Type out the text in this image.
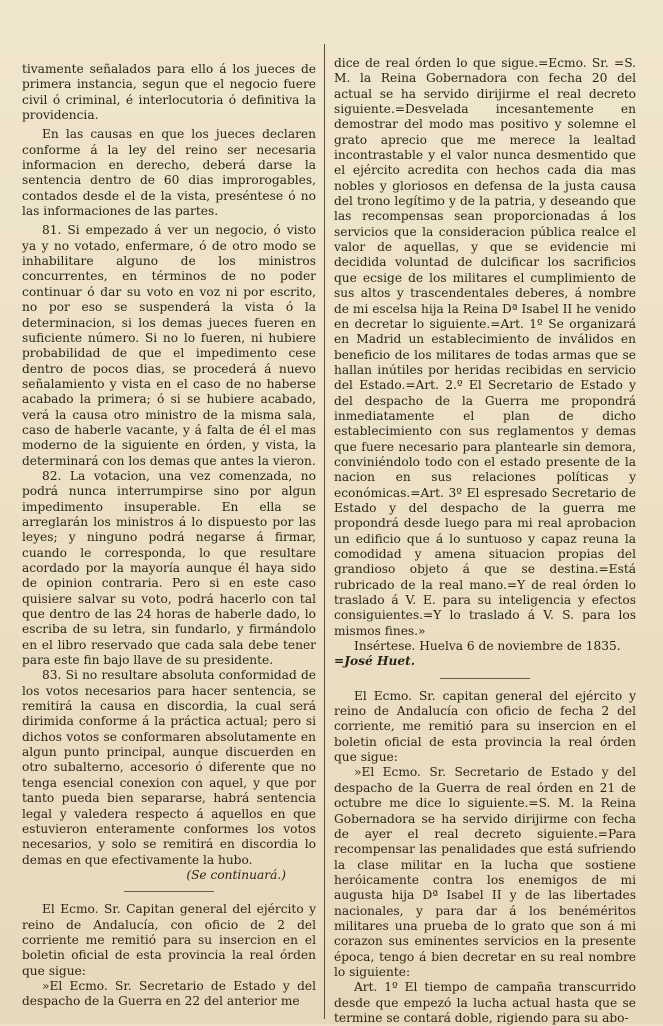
tivamente señalados para ello á los jueces de primera instancia, segun que el negocio fuere civil ó criminal, é interlocutoria ó definitiva la providencia.

En las causas en que los jueces declaren conforme á la ley del reino ser necesaria informacion en derecho, deberá darse la sentencia dentro de 60 dias improrogables, contados desde el de la vista, preséntese ó no las informaciones de las partes.

81. Si empezado á ver un negocio, ó visto ya y no votado, enfermare, ó de otro modo se inhabilitare alguno de los ministros concurrentes, en términos de no poder continuar ó dar su voto en voz ni por escrito, no por eso se suspenderá la vista ó la determinacion, si los demas jueces fueren en suficiente número. Si no lo fueren, ni hubiere probabilidad de que el impedimento cese dentro de pocos dias, se procederá á nuevo señalamiento y vista en el caso de no haberse acabado la primera; ó si se hubiere acabado, verá la causa otro ministro de la misma sala, caso de haberle vacante, y á falta de él el mas moderno de la siguiente en órden, y vista, la determinará con los demas que antes la vieron.

82. La votacion, una vez comenzada, no podrá nunca interrumpirse sino por algun impedimento insuperable. En ella se arreglarán los ministros á lo dispuesto por las leyes; y ninguno podrá negarse á firmar, cuando le corresponda, lo que resultare acordado por la mayoría aunque él haya sido de opinion contraria. Pero si en este caso quisiere salvar su voto, podrá hacerlo con tal que dentro de las 24 horas de haberle dado, lo escriba de su letra, sin fundarlo, y firmándolo en el libro reservado que cada sala debe tener para este fin bajo llave de su presidente.

83. Si no resultare absoluta conformidad de los votos necesarios para hacer sentencia, se remitirá la causa en discordia, la cual será dirimida conforme á la práctica actual; pero si dichos votos se conformaren absolutamente en algun punto principal, aunque discuerden en otro subalterno, accesorio ó diferente que no tenga esencial conexion con aquel, y que por tanto pueda bien separarse, habrá sentencia legal y valedera respecto á aquellos en que estuvieron enteramente conformes los votos necesarios, y solo se remitirá en discordia lo demas en que efectivamente la hubo.

(Se continuará.)

El Ecmo. Sr. Capitan general del ejército y reino de Andalucía, con oficio de 2 del corriente me remitió para su insercion en el boletin oficial de esta provincia la real órden que sigue:

»El Ecmo. Sr. Secretario de Estado y del despacho de la Guerra en 22 del anterior me

dice de real órden lo que sigue.=Ecmo. Sr. =S. M. la Reina Gobernadora con fecha 20 del actual se ha servido dirijirme el real decreto siguiente.=Desvelada incesantemente en demostrar del modo mas positivo y solemne el grato aprecio que me merece la lealtad incontrastable y el valor nunca desmentido que el ejército acredita con hechos cada dia mas nobles y gloriosos en defensa de la justa causa del trono legítimo y de la patria, y deseando que las recompensas sean proporcionadas á los servicios que la consideracion pública realce el valor de aquellas, y que se evidencie mi decidida voluntad de dulcificar los sacrificios que ecsige de los militares el cumplimiento de sus altos y trascendentales deberes, á nombre de mi escelsa hija la Reina Dª Isabel II he venido en decretar lo siguiente.=Art. 1º Se organizará en Madrid un establecimiento de inválidos en beneficio de los militares de todas armas que se hallan inútiles por heridas recibidas en servicio del Estado.=Art. 2.º El Secretario de Estado y del despacho de la Guerra me propondrá inmediatamente el plan de dicho establecimiento con sus reglamentos y demas que fuere necesario para plantearle sin demora, conviniéndolo todo con el estado presente de la nacion en sus relaciones políticas y económicas.=Art. 3º El espresado Secretario de Estado y del despacho de la guerra me propondrá desde luego para mi real aprobacion un edificio que á lo suntuoso y capaz reuna la comodidad y amena situacion propias del grandioso objeto á que se destina.=Está rubricado de la real mano.=Y de real órden lo traslado á V. E. para su inteligencia y efectos consiguientes.=Y lo traslado á V. S. para los mismos fines.»

Insértese. Huelva 6 de noviembre de 1835.
=José Huet.

El Ecmo. Sr. capitan general del ejército y reino de Andalucía con oficio de fecha 2 del corriente, me remitió para su insercion en el boletin oficial de esta provincia la real órden que sigue:

»El Ecmo. Sr. Secretario de Estado y del despacho de la Guerra de real órden en 21 de octubre me dice lo siguiente.=S. M. la Reina Gobernadora se ha servido dirijirme con fecha de ayer el real decreto siguiente.=Para recompensar las penalidades que está sufriendo la clase militar en la lucha que sostiene heróicamente contra los enemigos de mi augusta hija Dª Isabel II y de las libertades nacionales, y para dar á los benéméritos militares una prueba de lo grato que son á mi corazon sus eminentes servicios en la presente época, tengo á bien decretar en su real nombre lo siguiente:

Art. 1º El tiempo de campaña transcurrido desde que empezó la lucha actual hasta que se termine se contará doble, rigiendo para su abo-
